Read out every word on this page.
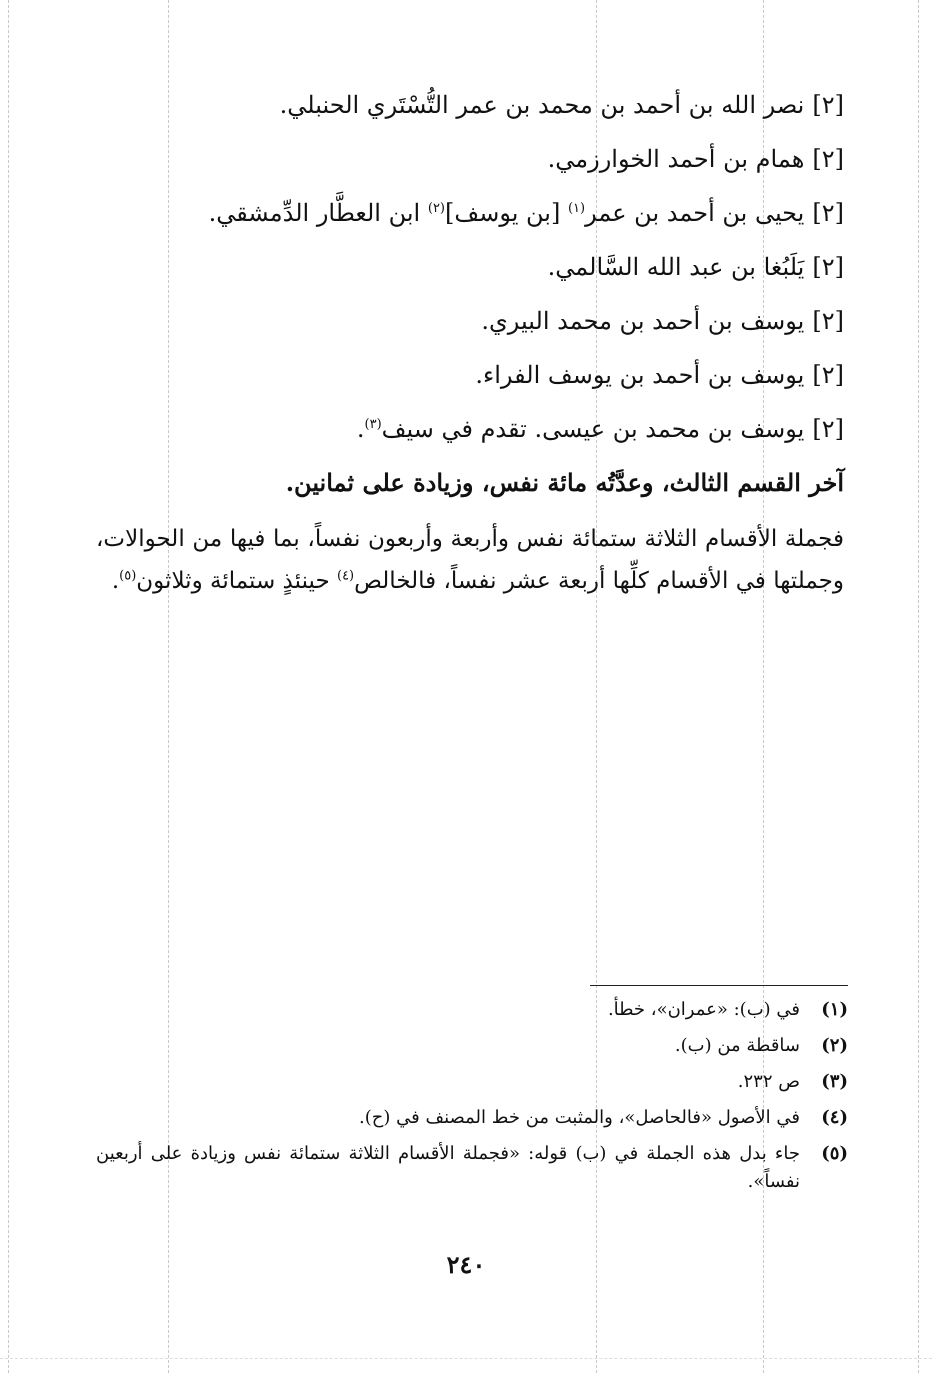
[٢]نصر الله بن أحمد بن محمد بن عمر التُّسْتَري الحنبلي.
[٢]همام بن أحمد الخوارزمي.
[٢]يحيى بن أحمد بن عمر$^{(١)}$ [بن يوسف]$^{(٢)}$ ابن العطَّار الدِّمشقي.
[٢]يَلَبُغا بن عبد الله السَّالمي.
[٢]يوسف بن أحمد بن محمد البيري.
[٢]يوسف بن أحمد بن يوسف الفراء.
[٢]يوسف بن محمد بن عيسى. تقدم في سيف$^{(٣)}$.
آخر القسم الثالث، وعدَّتُه مائة نفس، وزيادة على ثمانين.

فجملة الأقسام الثلاثة ستمائة نفس وأربعة وأربعون نفساً، بما فيها من الحوالات، وجملتها في الأقسام كلِّها أربعة عشر نفساً، فالخالص$^{(٤)}$ حينئذٍ ستمائة وثلاثون$^{(٥)}$.

(١)
في (ب): «عمران»، خطأ.
(٢)
ساقطة من (ب).
(٣)
ص ٢٣٢.
(٤)
في الأصول «فالحاصل»، والمثبت من خط المصنف في (ح).
(٥)
جاء بدل هذه الجملة في (ب) قوله: «فجملة الأقسام الثلاثة ستمائة نفس وزيادة على أربعين نفساً».
٢٤٠
